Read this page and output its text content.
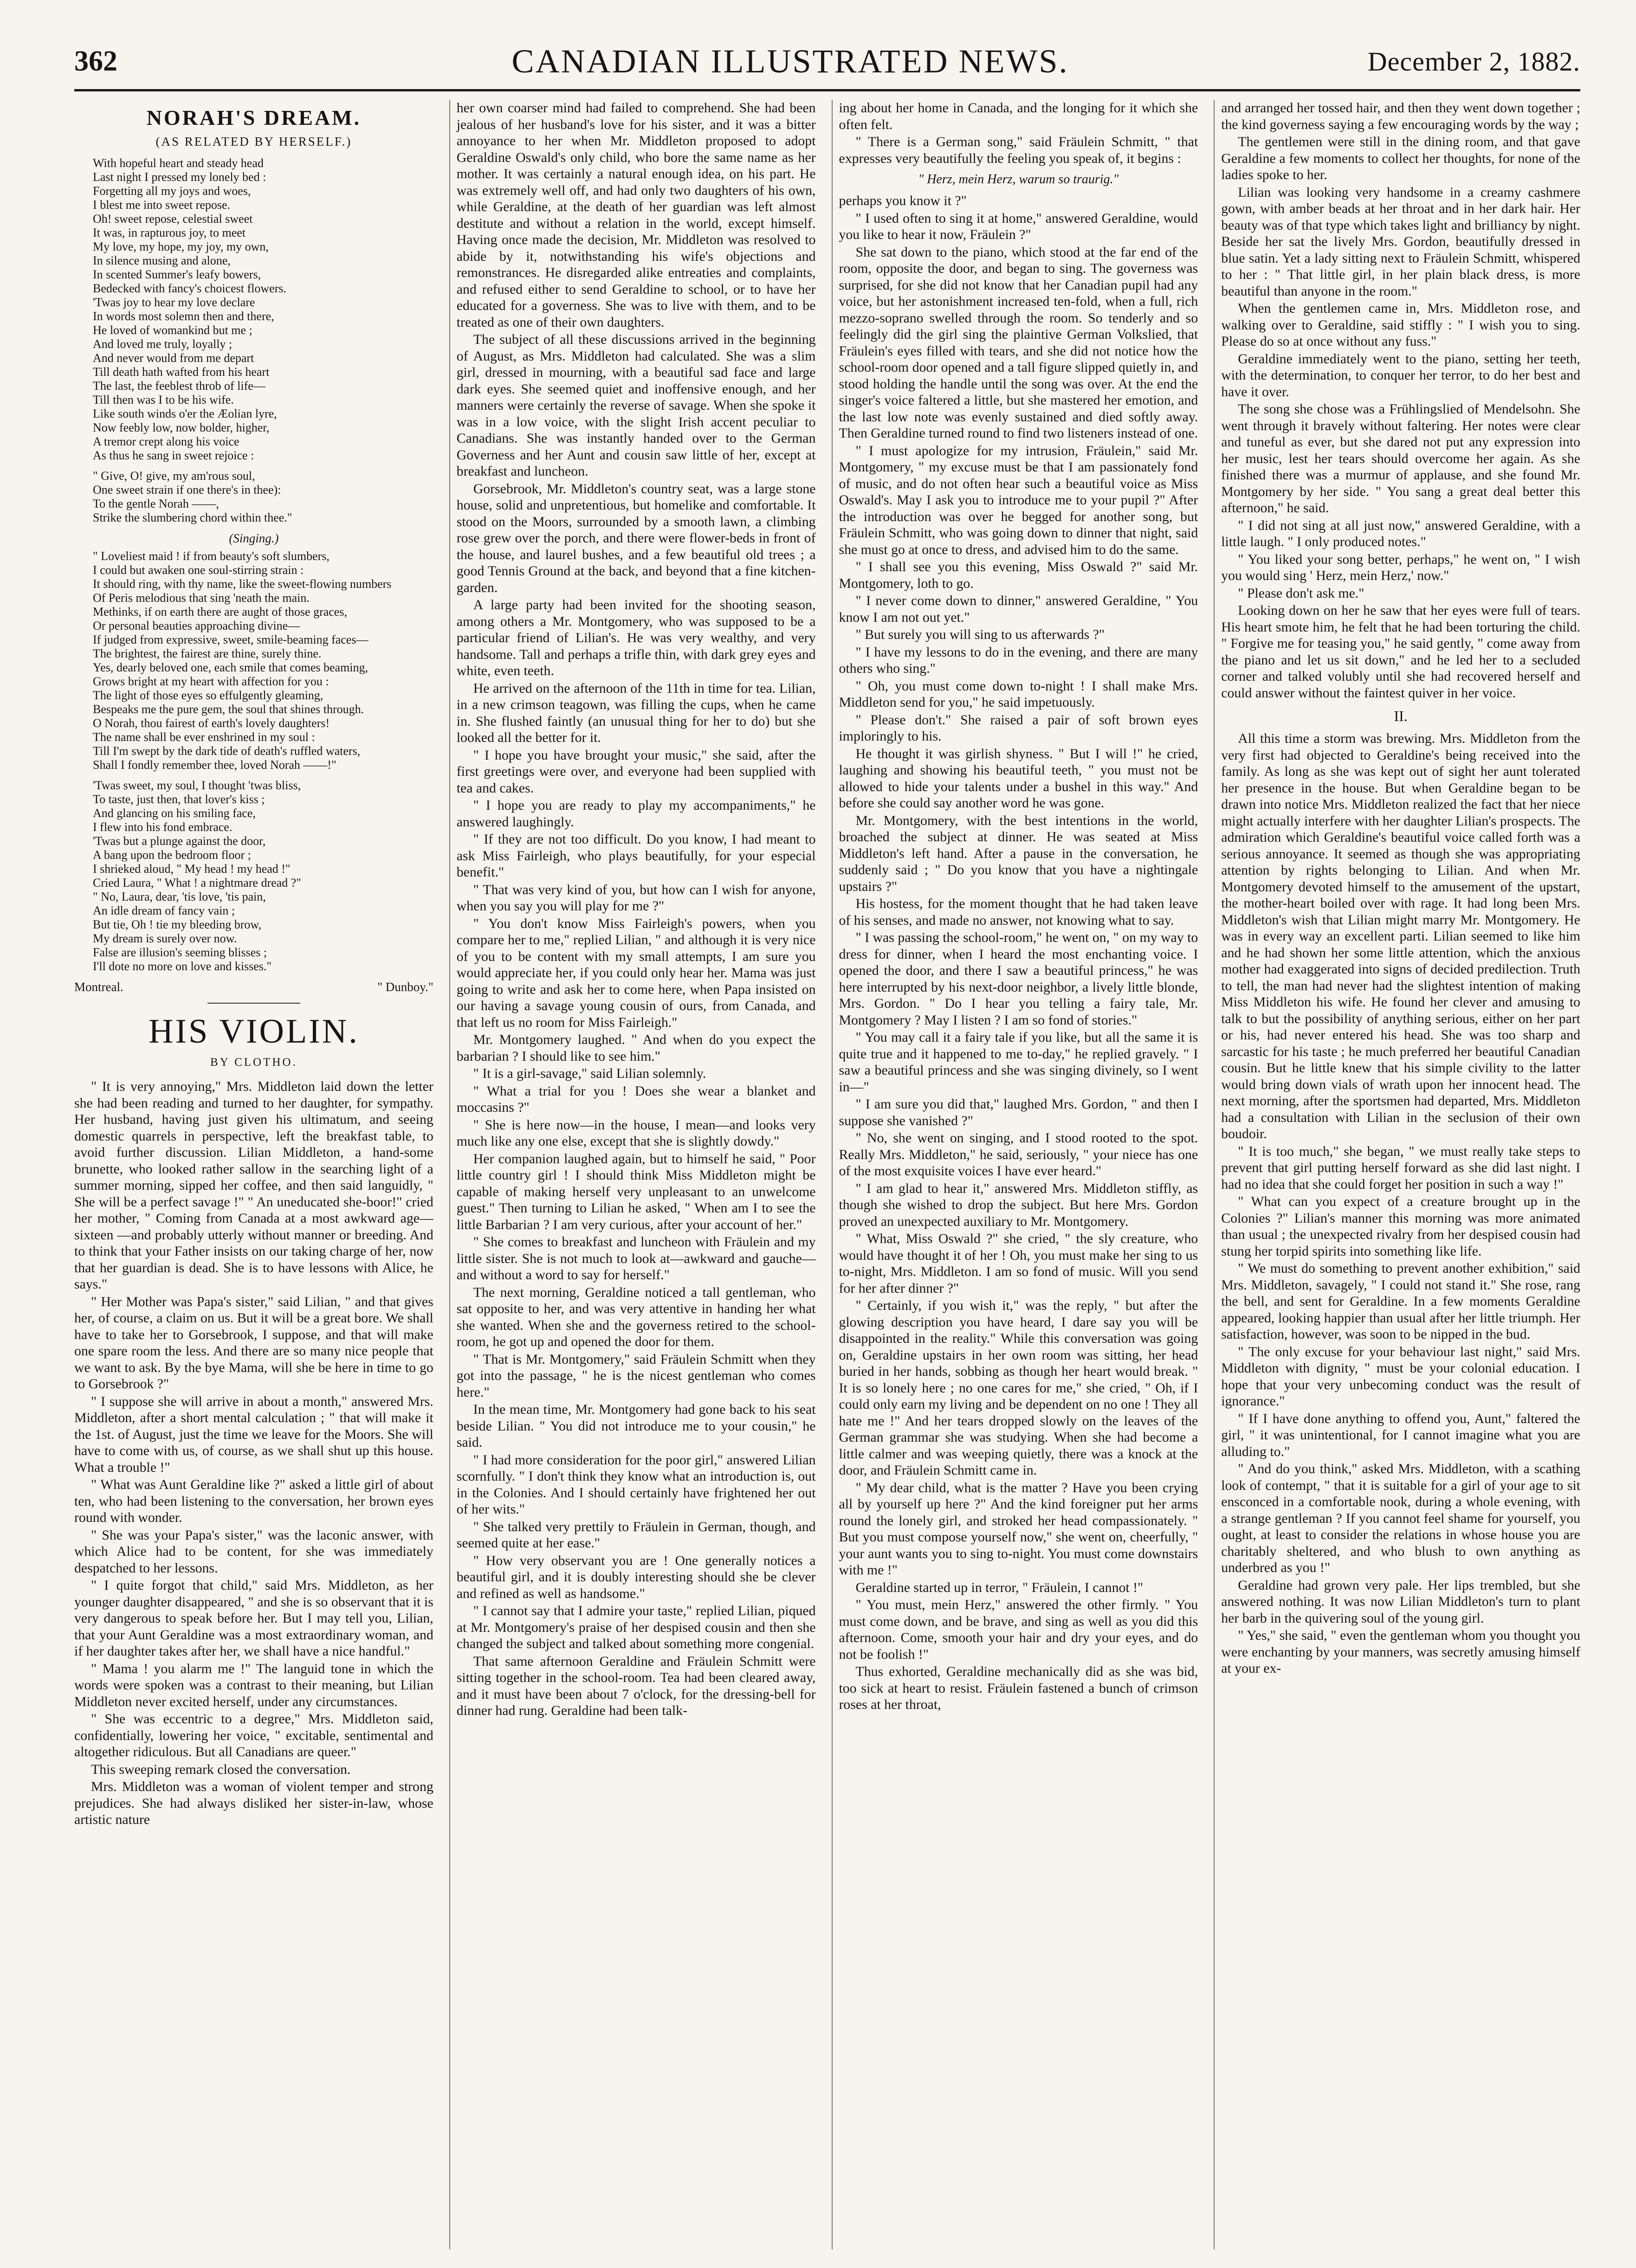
362	CANADIAN ILLUSTRATED NEWS.	December 2, 1882.
NORAH'S DREAM.
(AS RELATED BY HERSELF.)
With hopeful heart and steady head
Last night I pressed my lonely bed :
Forgetting all my joys and woes,
I blest me into sweet repose.
Oh! sweet repose, celestial sweet
It was, in rapturous joy, to meet
My love, my hope, my joy, my own,
In silence musing and alone,
In scented Summer's leafy bowers,
Bedecked with fancy's choicest flowers.
'Twas joy to hear my love declare
In words most solemn then and there,
He loved of womankind but me ;
And loved me truly, loyally ;
And never would from me depart
Till death hath wafted from his heart
The last, the feeblest throb of life—
Till then was I to be his wife.
Like south winds o'er the Æolian lyre,
Now feebly low, now bolder, higher,
A tremor crept along his voice
As thus he sang in sweet rejoice :
" Give, O! give, my am'rous soul,
One sweet strain if one there's in thee):
To the gentle Norah ——,
Strike the slumbering chord within thee."
(Singing.)
" Loveliest maid ! if from beauty's soft slumbers,
I could but awaken one soul-stirring strain :
It should ring, with thy name, like the sweet-flowing numbers
Of Peris melodious that sing 'neath the main.
Methinks, if on earth there are aught of those graces,
Or personal beauties approaching divine—
If judged from expressive, sweet, smile-beaming faces—
The brightest, the fairest are thine, surely thine.
Yes, dearly beloved one, each smile that comes beaming,
Grows bright at my heart with affection for you :
The light of those eyes so effulgently gleaming,
Bespeaks me the pure gem, the soul that shines through.
O Norah, thou fairest of earth's lovely daughters!
The name shall be ever enshrined in my soul :
Till I'm swept by the dark tide of death's ruffled waters,
Shall I fondly remember thee, loved Norah ——!"
'Twas sweet, my soul, I thought 'twas bliss,
To taste, just then, that lover's kiss ;
And glancing on his smiling face,
I flew into his fond embrace.
'Twas but a plunge against the door,
A bang upon the bedroom floor ;
I shrieked aloud, " My head ! my head !"
Cried Laura, " What ! a nightmare dread ?"
" No, Laura, dear, 'tis love, 'tis pain,
An idle dream of fancy vain ;
But tie, Oh ! tie my bleeding brow,
My dream is surely over now.
False are illusion's seeming blisses ;
I'll dote no more on love and kisses."
Montreal.	" Dunboy."
HIS VIOLIN.
BY CLOTHO.

" It is very annoying," Mrs. Middleton laid down the letter she had been reading and turned to her daughter, for sympathy. Her husband, having just given his ultimatum, and seeing domestic quarrels in perspective, left the breakfast table, to avoid further discussion. Lilian Middleton, a hand-some brunette, who looked rather sallow in the searching light of a summer morning, sipped her coffee, and then said languidly, " She will be a perfect savage !" " An uneducated she-boor!" cried her mother, " Coming from Canada at a most awkward age—sixteen —and probably utterly without manner or breeding. And to think that your Father insists on our taking charge of her, now that her guardian is dead. She is to have lessons with Alice, he says."

" Her Mother was Papa's sister," said Lilian, " and that gives her, of course, a claim on us. But it will be a great bore. We shall have to take her to Gorsebrook, I suppose, and that will make one spare room the less. And there are so many nice people that we want to ask. By the bye Mama, will she be here in time to go to Gorsebrook ?"

" I suppose she will arrive in about a month," answered Mrs. Middleton, after a short mental calculation ; " that will make it the 1st. of August, just the time we leave for the Moors. She will have to come with us, of course, as we shall shut up this house. What a trouble !"

" What was Aunt Geraldine like ?" asked a little girl of about ten, who had been listening to the conversation, her brown eyes round with wonder.

" She was your Papa's sister," was the laconic answer, with which Alice had to be content, for she was immediately despatched to her lessons.

" I quite forgot that child," said Mrs. Middleton, as her younger daughter disappeared, " and she is so observant that it is very dangerous to speak before her. But I may tell you, Lilian, that your Aunt Geraldine was a most extraordinary woman, and if her daughter takes after her, we shall have a nice handful."

" Mama ! you alarm me !" The languid tone in which the words were spoken was a contrast to their meaning, but Lilian Middleton never excited herself, under any circumstances.

" She was eccentric to a degree," Mrs. Middleton said, confidentially, lowering her voice, " excitable, sentimental and altogether ridiculous. But all Canadians are queer."

This sweeping remark closed the conversation.

Mrs. Middleton was a woman of violent temper and strong prejudices. She had always disliked her sister-in-law, whose artistic nature

her own coarser mind had failed to comprehend. She had been jealous of her husband's love for his sister, and it was a bitter annoyance to her when Mr. Middleton proposed to adopt Geraldine Oswald's only child, who bore the same name as her mother. It was certainly a natural enough idea, on his part. He was extremely well off, and had only two daughters of his own, while Geraldine, at the death of her guardian was left almost destitute and without a relation in the world, except himself. Having once made the decision, Mr. Middleton was resolved to abide by it, notwithstanding his wife's objections and remonstrances. He disregarded alike entreaties and complaints, and refused either to send Geraldine to school, or to have her educated for a governess. She was to live with them, and to be treated as one of their own daughters.

The subject of all these discussions arrived in the beginning of August, as Mrs. Middleton had calculated. She was a slim girl, dressed in mourning, with a beautiful sad face and large dark eyes. She seemed quiet and inoffensive enough, and her manners were certainly the reverse of savage. When she spoke it was in a low voice, with the slight Irish accent peculiar to Canadians. She was instantly handed over to the German Governess and her Aunt and cousin saw little of her, except at breakfast and luncheon.

Gorsebrook, Mr. Middleton's country seat, was a large stone house, solid and unpretentious, but homelike and comfortable. It stood on the Moors, surrounded by a smooth lawn, a climbing rose grew over the porch, and there were flower-beds in front of the house, and laurel bushes, and a few beautiful old trees ; a good Tennis Ground at the back, and beyond that a fine kitchen-garden.

A large party had been invited for the shooting season, among others a Mr. Montgomery, who was supposed to be a particular friend of Lilian's. He was very wealthy, and very handsome. Tall and perhaps a trifle thin, with dark grey eyes and white, even teeth.

He arrived on the afternoon of the 11th in time for tea. Lilian, in a new crimson teagown, was filling the cups, when he came in. She flushed faintly (an unusual thing for her to do) but she looked all the better for it.

" I hope you have brought your music," she said, after the first greetings were over, and everyone had been supplied with tea and cakes.

" I hope you are ready to play my accompaniments," he answered laughingly.

" If they are not too difficult. Do you know, I had meant to ask Miss Fairleigh, who plays beautifully, for your especial benefit."

" That was very kind of you, but how can I wish for anyone, when you say you will play for me ?"

" You don't know Miss Fairleigh's powers, when you compare her to me," replied Lilian, " and although it is very nice of you to be content with my small attempts, I am sure you would appreciate her, if you could only hear her. Mama was just going to write and ask her to come here, when Papa insisted on our having a savage young cousin of ours, from Canada, and that left us no room for Miss Fairleigh."

Mr. Montgomery laughed. " And when do you expect the barbarian ? I should like to see him."

" It is a girl-savage," said Lilian solemnly.

" What a trial for you ! Does she wear a blanket and moccasins ?"

" She is here now—in the house, I mean—and looks very much like any one else, except that she is slightly dowdy."

Her companion laughed again, but to himself he said, " Poor little country girl ! I should think Miss Middleton might be capable of making herself very unpleasant to an unwelcome guest." Then turning to Lilian he asked, " When am I to see the little Barbarian ? I am very curious, after your account of her."

" She comes to breakfast and luncheon with Fräulein and my little sister. She is not much to look at—awkward and gauche—and without a word to say for herself."

The next morning, Geraldine noticed a tall gentleman, who sat opposite to her, and was very attentive in handing her what she wanted. When she and the governess retired to the school-room, he got up and opened the door for them.

" That is Mr. Montgomery," said Fräulein Schmitt when they got into the passage, " he is the nicest gentleman who comes here."

In the mean time, Mr. Montgomery had gone back to his seat beside Lilian. " You did not introduce me to your cousin," he said.

" I had more consideration for the poor girl," answered Lilian scornfully. " I don't think they know what an introduction is, out in the Colonies. And I should certainly have frightened her out of her wits."

" She talked very prettily to Fräulein in German, though, and seemed quite at her ease."

" How very observant you are ! One generally notices a beautiful girl, and it is doubly interesting should she be clever and refined as well as handsome."

" I cannot say that I admire your taste," replied Lilian, piqued at Mr. Montgomery's praise of her despised cousin and then she changed the subject and talked about something more congenial.

That same afternoon Geraldine and Fräulein Schmitt were sitting together in the school-room. Tea had been cleared away, and it must have been about 7 o'clock, for the dressing-bell for dinner had rung. Geraldine had been talk-

ing about her home in Canada, and the longing for it which she often felt.

" There is a German song," said Fräulein Schmitt, " that expresses very beautifully the feeling you speak of, it begins :

" Herz, mein Herz, warum so traurig."

perhaps you know it ?"

" I used often to sing it at home," answered Geraldine, would you like to hear it now, Fräulein ?"

She sat down to the piano, which stood at the far end of the room, opposite the door, and began to sing. The governess was surprised, for she did not know that her Canadian pupil had any voice, but her astonishment increased ten-fold, when a full, rich mezzo-soprano swelled through the room. So tenderly and so feelingly did the girl sing the plaintive German Volkslied, that Fräulein's eyes filled with tears, and she did not notice how the school-room door opened and a tall figure slipped quietly in, and stood holding the handle until the song was over. At the end the singer's voice faltered a little, but she mastered her emotion, and the last low note was evenly sustained and died softly away. Then Geraldine turned round to find two listeners instead of one.

" I must apologize for my intrusion, Fräulein," said Mr. Montgomery, " my excuse must be that I am passionately fond of music, and do not often hear such a beautiful voice as Miss Oswald's. May I ask you to introduce me to your pupil ?" After the introduction was over he begged for another song, but Fräulein Schmitt, who was going down to dinner that night, said she must go at once to dress, and advised him to do the same.

" I shall see you this evening, Miss Oswald ?" said Mr. Montgomery, loth to go.

" I never come down to dinner," answered Geraldine, " You know I am not out yet."

" But surely you will sing to us afterwards ?"

" I have my lessons to do in the evening, and there are many others who sing."

" Oh, you must come down to-night ! I shall make Mrs. Middleton send for you," he said impetuously.

" Please don't." She raised a pair of soft brown eyes imploringly to his.

He thought it was girlish shyness. " But I will !" he cried, laughing and showing his beautiful teeth, " you must not be allowed to hide your talents under a bushel in this way." And before she could say another word he was gone.

Mr. Montgomery, with the best intentions in the world, broached the subject at dinner. He was seated at Miss Middleton's left hand. After a pause in the conversation, he suddenly said ; " Do you know that you have a nightingale upstairs ?"

His hostess, for the moment thought that he had taken leave of his senses, and made no answer, not knowing what to say.

" I was passing the school-room," he went on, " on my way to dress for dinner, when I heard the most enchanting voice. I opened the door, and there I saw a beautiful princess," he was here interrupted by his next-door neighbor, a lively little blonde, Mrs. Gordon. " Do I hear you telling a fairy tale, Mr. Montgomery ? May I listen ? I am so fond of stories."

" You may call it a fairy tale if you like, but all the same it is quite true and it happened to me to-day," he replied gravely. " I saw a beautiful princess and she was singing divinely, so I went in—"

" I am sure you did that," laughed Mrs. Gordon, " and then I suppose she vanished ?"

" No, she went on singing, and I stood rooted to the spot. Really Mrs. Middleton," he said, seriously, " your niece has one of the most exquisite voices I have ever heard."

" I am glad to hear it," answered Mrs. Middleton stiffly, as though she wished to drop the subject. But here Mrs. Gordon proved an unexpected auxiliary to Mr. Montgomery.

" What, Miss Oswald ?" she cried, " the sly creature, who would have thought it of her ! Oh, you must make her sing to us to-night, Mrs. Middleton. I am so fond of music. Will you send for her after dinner ?"

" Certainly, if you wish it," was the reply, " but after the glowing description you have heard, I dare say you will be disappointed in the reality." While this conversation was going on, Geraldine upstairs in her own room was sitting, her head buried in her hands, sobbing as though her heart would break. " It is so lonely here ; no one cares for me," she cried, " Oh, if I could only earn my living and be dependent on no one ! They all hate me !" And her tears dropped slowly on the leaves of the German grammar she was studying. When she had become a little calmer and was weeping quietly, there was a knock at the door, and Fräulein Schmitt came in.

" My dear child, what is the matter ? Have you been crying all by yourself up here ?" And the kind foreigner put her arms round the lonely girl, and stroked her head compassionately. " But you must compose yourself now," she went on, cheerfully, " your aunt wants you to sing to-night. You must come downstairs with me !"

Geraldine started up in terror, " Fräulein, I cannot !"

" You must, mein Herz," answered the other firmly. " You must come down, and be brave, and sing as well as you did this afternoon. Come, smooth your hair and dry your eyes, and do not be foolish !"

Thus exhorted, Geraldine mechanically did as she was bid, too sick at heart to resist. Fräulein fastened a bunch of crimson roses at her throat,

and arranged her tossed hair, and then they went down together ; the kind governess saying a few encouraging words by the way ;

The gentlemen were still in the dining room, and that gave Geraldine a few moments to collect her thoughts, for none of the ladies spoke to her.

Lilian was looking very handsome in a creamy cashmere gown, with amber beads at her throat and in her dark hair. Her beauty was of that type which takes light and brilliancy by night. Beside her sat the lively Mrs. Gordon, beautifully dressed in blue satin. Yet a lady sitting next to Fräulein Schmitt, whispered to her : " That little girl, in her plain black dress, is more beautiful than anyone in the room."

When the gentlemen came in, Mrs. Middleton rose, and walking over to Geraldine, said stiffly : " I wish you to sing. Please do so at once without any fuss."

Geraldine immediately went to the piano, setting her teeth, with the determination, to conquer her terror, to do her best and have it over.

The song she chose was a Frühlingslied of Mendelsohn. She went through it bravely without faltering. Her notes were clear and tuneful as ever, but she dared not put any expression into her music, lest her tears should overcome her again. As she finished there was a murmur of applause, and she found Mr. Montgomery by her side. " You sang a great deal better this afternoon," he said.

" I did not sing at all just now," answered Geraldine, with a little laugh. " I only produced notes."

" You liked your song better, perhaps," he went on, " I wish you would sing ' Herz, mein Herz,' now."

" Please don't ask me."

Looking down on her he saw that her eyes were full of tears. His heart smote him, he felt that he had been torturing the child. " Forgive me for teasing you," he said gently, " come away from the piano and let us sit down," and he led her to a secluded corner and talked volubly until she had recovered herself and could answer without the faintest quiver in her voice.

II.

All this time a storm was brewing. Mrs. Middleton from the very first had objected to Geraldine's being received into the family. As long as she was kept out of sight her aunt tolerated her presence in the house. But when Geraldine began to be drawn into notice Mrs. Middleton realized the fact that her niece might actually interfere with her daughter Lilian's prospects. The admiration which Geraldine's beautiful voice called forth was a serious annoyance. It seemed as though she was appropriating attention by rights belonging to Lilian. And when Mr. Montgomery devoted himself to the amusement of the upstart, the mother-heart boiled over with rage. It had long been Mrs. Middleton's wish that Lilian might marry Mr. Montgomery. He was in every way an excellent parti. Lilian seemed to like him and he had shown her some little attention, which the anxious mother had exaggerated into signs of decided predilection. Truth to tell, the man had never had the slightest intention of making Miss Middleton his wife. He found her clever and amusing to talk to but the possibility of anything serious, either on her part or his, had never entered his head. She was too sharp and sarcastic for his taste ; he much preferred her beautiful Canadian cousin. But he little knew that his simple civility to the latter would bring down vials of wrath upon her innocent head. The next morning, after the sportsmen had departed, Mrs. Middleton had a consultation with Lilian in the seclusion of their own boudoir.

" It is too much," she began, " we must really take steps to prevent that girl putting herself forward as she did last night. I had no idea that she could forget her position in such a way !"

" What can you expect of a creature brought up in the Colonies ?" Lilian's manner this morning was more animated than usual ; the unexpected rivalry from her despised cousin had stung her torpid spirits into something like life.

" We must do something to prevent another exhibition," said Mrs. Middleton, savagely, " I could not stand it." She rose, rang the bell, and sent for Geraldine. In a few moments Geraldine appeared, looking happier than usual after her little triumph. Her satisfaction, however, was soon to be nipped in the bud.

" The only excuse for your behaviour last night," said Mrs. Middleton with dignity, " must be your colonial education. I hope that your very unbecoming conduct was the result of ignorance."

" If I have done anything to offend you, Aunt," faltered the girl, " it was unintentional, for I cannot imagine what you are alluding to."

" And do you think," asked Mrs. Middleton, with a scathing look of contempt, " that it is suitable for a girl of your age to sit ensconced in a comfortable nook, during a whole evening, with a strange gentleman ? If you cannot feel shame for yourself, you ought, at least to consider the relations in whose house you are charitably sheltered, and who blush to own anything as underbred as you !"

Geraldine had grown very pale. Her lips trembled, but she answered nothing. It was now Lilian Middleton's turn to plant her barb in the quivering soul of the young girl.

" Yes," she said, " even the gentleman whom you thought you were enchanting by your manners, was secretly amusing himself at your ex-
